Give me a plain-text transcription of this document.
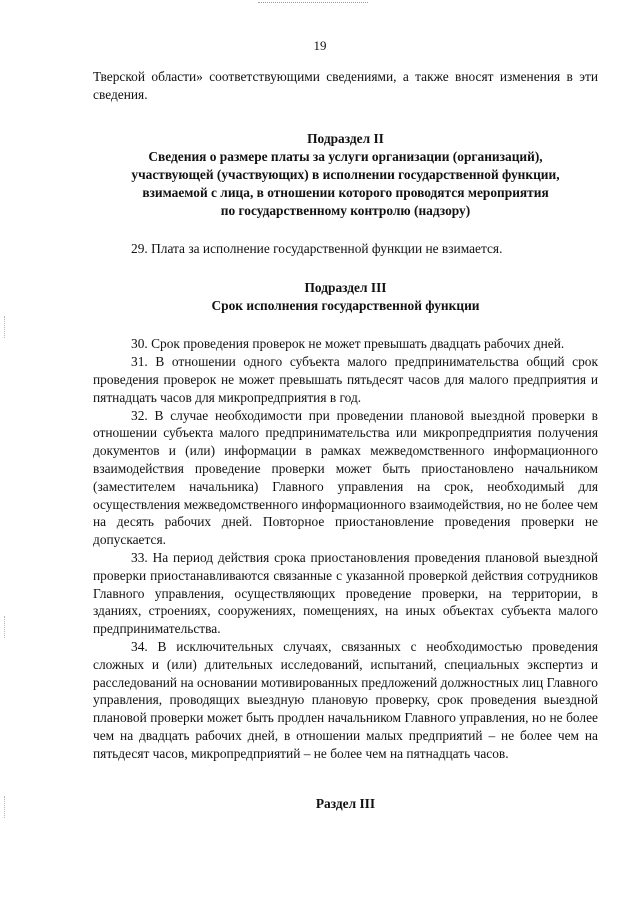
19

Тверской области» соответствующими сведениями, а также вносят изменения в эти сведения.

Подраздел II
Сведения о размере платы за услуги организации (организаций),
участвующей (участвующих) в исполнении государственной функции,
взимаемой с лица, в отношении которого проводятся мероприятия
по государственному контролю (надзору)

29. Плата за исполнение государственной функции не взимается.

Подраздел III
Срок исполнения государственной функции

30. Срок проведения проверок не может превышать двадцать рабочих дней.

31. В отношении одного субъекта малого предпринимательства общий срок проведения проверок не может превышать пятьдесят часов для малого предприятия и пятнадцать часов для микропредприятия в год.

32. В случае необходимости при проведении плановой выездной проверки в отношении субъекта малого предпринимательства или микропредприятия получения документов и (или) информации в рамках межведомственного информационного взаимодействия проведение проверки может быть приостановлено начальником (заместителем начальника) Главного управления на срок, необходимый для осуществления межведомственного информационного взаимодействия, но не более чем на десять рабочих дней. Повторное приостановление проведения проверки не допускается.

33. На период действия срока приостановления проведения плановой выездной проверки приостанавливаются связанные с указанной проверкой действия сотрудников Главного управления, осуществляющих проведение проверки, на территории, в зданиях, строениях, сооружениях, помещениях, на иных объектах субъекта малого предпринимательства.

34. В исключительных случаях, связанных с необходимостью проведения сложных и (или) длительных исследований, испытаний, специальных экспертиз и расследований на основании мотивированных предложений должностных лиц Главного управления, проводящих выездную плановую проверку, срок проведения выездной плановой проверки может быть продлен начальником Главного управления, но не более чем на двадцать рабочих дней, в отношении малых предприятий – не более чем на пятьдесят часов, микропредприятий – не более чем на пятнадцать часов.

Раздел III
